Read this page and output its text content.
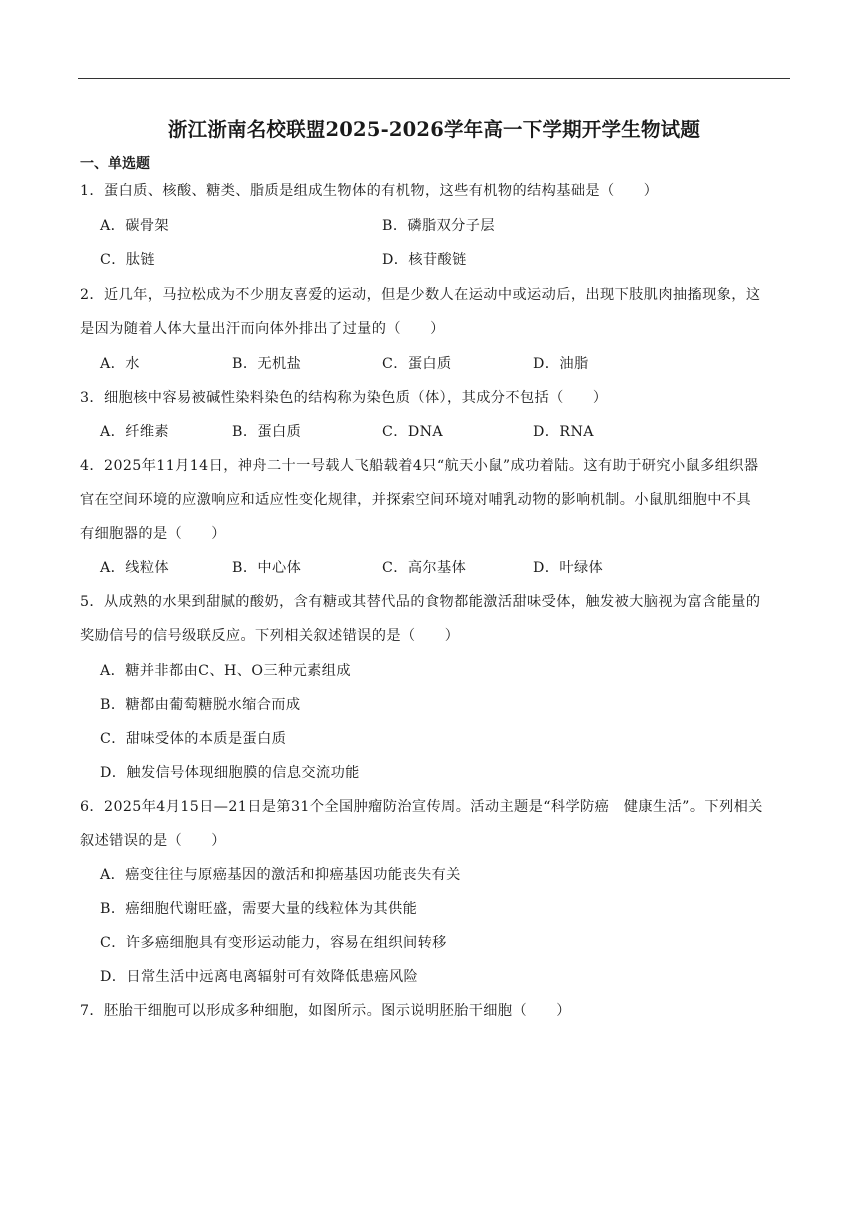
浙江浙南名校联盟2025-2026学年高一下学期开学生物试题
一、单选题
1．蛋白质、核酸、糖类、脂质是组成生物体的有机物，这些有机物的结构基础是（　　）
A．碳骨架	B．磷脂双分子层
C．肽链	D．核苷酸链
2．近几年，马拉松成为不少朋友喜爱的运动，但是少数人在运动中或运动后，出现下肢肌肉抽搐现象，这
是因为随着人体大量出汗而向体外排出了过量的（　　）
A．水	B．无机盐	C．蛋白质	D．油脂
3．细胞核中容易被碱性染料染色的结构称为染色质（体），其成分不包括（　　）
A．纤维素	B．蛋白质	C．DNA	D．RNA
4．2025年11月14日，神舟二十一号载人飞船载着4只“航天小鼠”成功着陆。这有助于研究小鼠多组织器
官在空间环境的应激响应和适应性变化规律，并探索空间环境对哺乳动物的影响机制。小鼠肌细胞中不具
有细胞器的是（　　）
A．线粒体	B．中心体	C．高尔基体	D．叶绿体
5．从成熟的水果到甜腻的酸奶，含有糖或其替代品的食物都能激活甜味受体，触发被大脑视为富含能量的
奖励信号的信号级联反应。下列相关叙述错误的是（　　）
A．糖并非都由C、H、O三种元素组成
B．糖都由葡萄糖脱水缩合而成
C．甜味受体的本质是蛋白质
D．触发信号体现细胞膜的信息交流功能
6．2025年4月15日—21日是第31个全国肿瘤防治宣传周。活动主题是“科学防癌　健康生活”。下列相关
叙述错误的是（　　）
A．癌变往往与原癌基因的激活和抑癌基因功能丧失有关
B．癌细胞代谢旺盛，需要大量的线粒体为其供能
C．许多癌细胞具有变形运动能力，容易在组织间转移
D．日常生活中远离电离辐射可有效降低患癌风险
7．胚胎干细胞可以形成多种细胞，如图所示。图示说明胚胎干细胞（　　）
